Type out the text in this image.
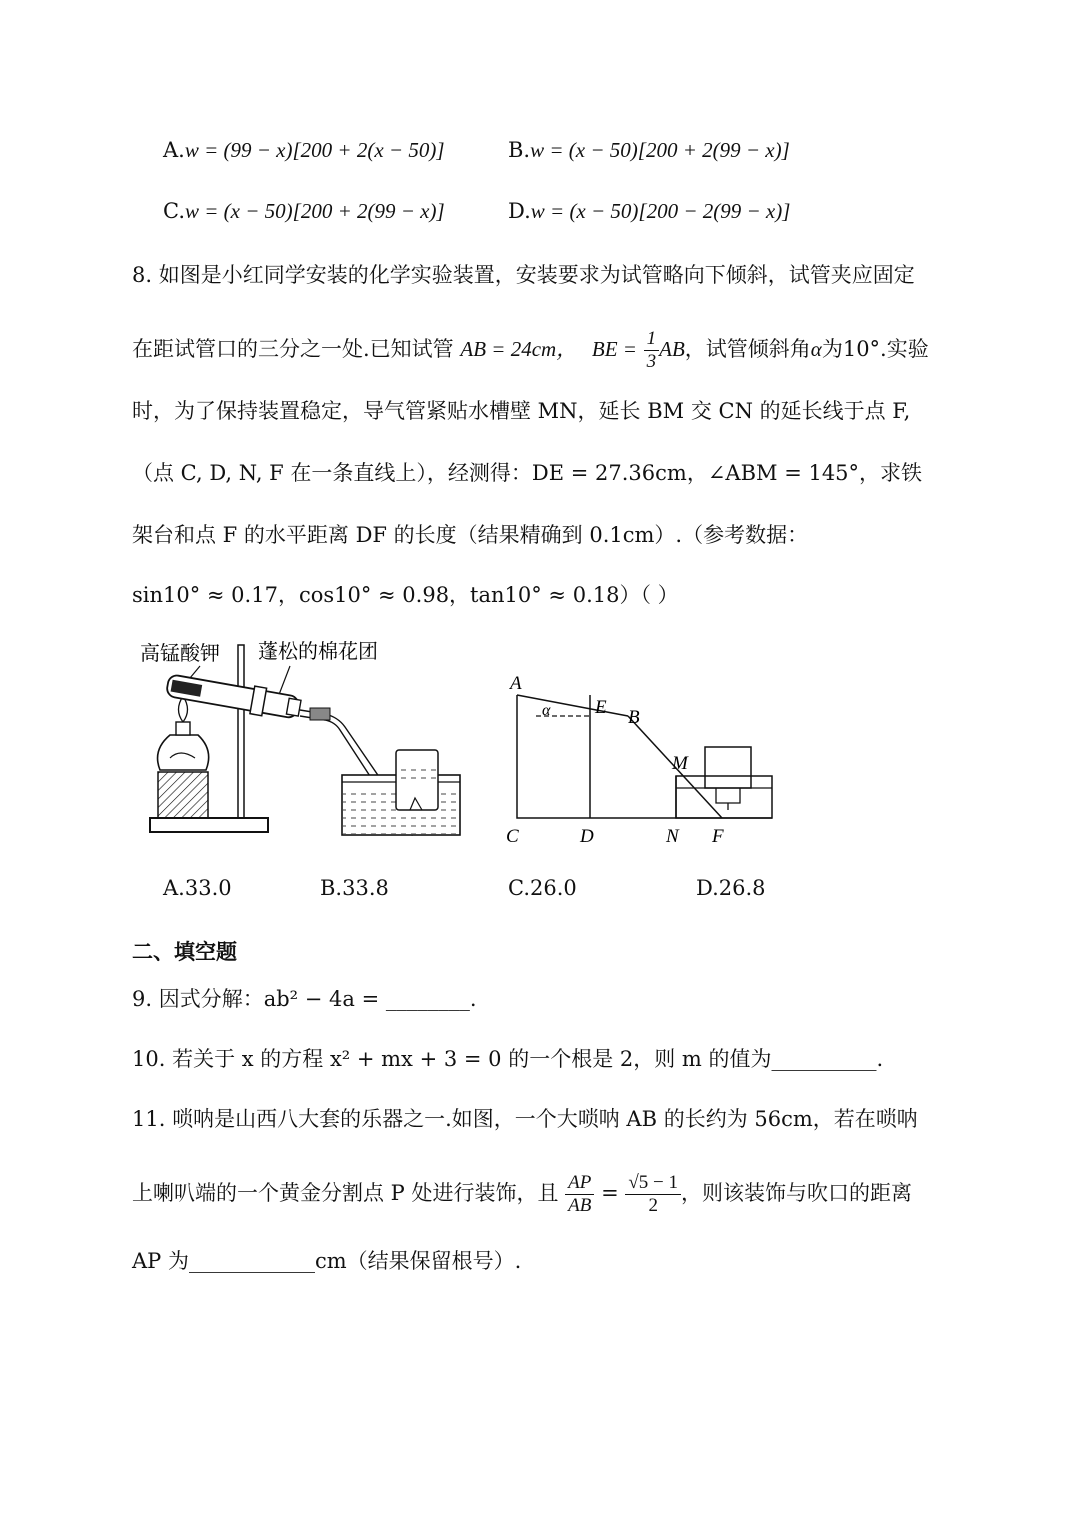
A.w = (99 − x)[200 + 2(x − 50)]	B.w = (x − 50)[200 + 2(99 − x)]
C.w = (x − 50)[200 + 2(99 − x)]	D.w = (x − 50)[200 − 2(99 − x)]
8. 如图是小红同学安装的化学实验装置，安装要求为试管略向下倾斜，试管夹应固定
在距试管口的三分之一处.已知试管 AB = 24cm， BE = $\frac{1}{3}$ AB，试管倾斜角α为10°.实验
时，为了保持装置稳定，导气管紧贴水槽壁 MN，延长 BM 交 CN 的延长线于点 F,
（点 C, D, N, F 在一条直线上），经测得：DE = 27.36cm，∠ABM = 145°，求铁
架台和点 F 的水平距离 DF 的长度（结果精确到 0.1cm）.（参考数据：
sin10° ≈ 0.17，cos10° ≈ 0.98，tan10° ≈ 0.18）（ ）
高锰酸钾 蓬松的棉花团
A
E B
α
M
C	D	N F
A.33.0	B.33.8	C.26.0	D.26.8
二、填空题
9. 因式分解：ab² − 4a = ________.
10. 若关于 x 的方程 x² + mx + 3 = 0 的一个根是 2，则 m 的值为__________.
11. 唢呐是山西八大套的乐器之一.如图，一个大唢呐 AB 的长约为 56cm，若在唢呐
上喇叭端的一个黄金分割点 P 处进行装饰，且 $\frac{AP}{AB} = \frac{√5 - 1}{2}$ ，则该装饰与吹口的距离
AP 为____________cm（结果保留根号）.
